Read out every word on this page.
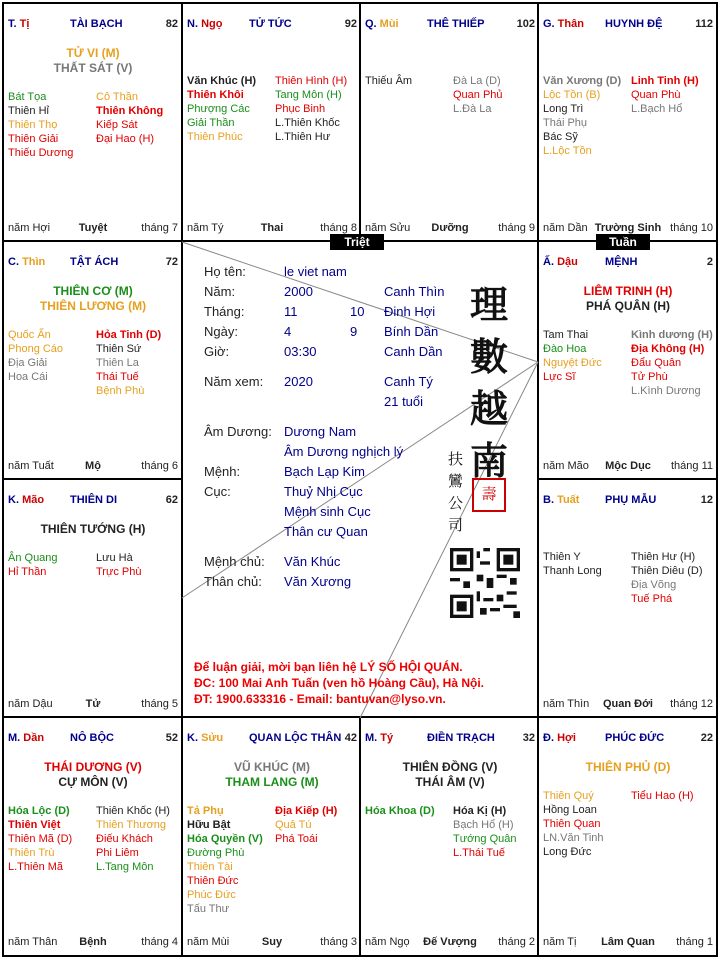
Triệt	Tuần
T. Tị	TÀI BẠCH	82
TỬ VI (M)
THẤT SÁT (V)
Bát Tọa
Thiên Hỉ
Thiên Thọ
Thiên Giải
Thiếu Dương
Cô Thần
Thiên Không
Kiếp Sát
Đại Hao (H)
Tuyệt
năm Hợi	tháng 7
N. Ngọ TỬ TỨC	92
Văn Khúc (H)
Thiên Khôi
Phượng Các
Giải Thần
Thiên Phúc
Thiên Hình (H)
Tang Môn (H)
Phục Binh
L.Thiên Khốc
L.Thiên Hư
Thai
năm Tý	tháng 8
Q. Mùi	THÊ THIẾP	102
Thiếu Âm	Đà La (D)
Quan Phủ
L.Đà La
Dưỡng
năm Sửu	tháng 9
G. Thân HUYNH ĐỆ	112
Văn Xương (D)
Lộc Tồn (B)
Long Trì
Thái Phụ
Bác Sỹ
L.Lộc Tồn
Linh Tinh (H)
Quan Phù
L.Bạch Hổ
Trường Sinh
năm Dần	tháng 10
C. Thìn TẬT ÁCH	72
THIÊN CƠ (M)
THIÊN LƯƠNG (M)
Quốc Ấn
Phong Cáo
Địa Giải
Hoa Cái
Hỏa Tinh (D)
Thiên Sứ
Thiên La
Thái Tuế
Bệnh Phù
Mộ
năm Tuất	tháng 6
Ấ. Dậu MỆNH	2
LIÊM TRINH (H)
PHÁ QUÂN (H)
Tam Thai
Đào Hoa
Nguyệt Đức
Lực Sĩ
Kình dương (H)
Địa Không (H)
Đẩu Quân
Tử Phù
L.Kình Dương
Mộc Dục
năm Mão	tháng 11
K. Mão THIÊN DI	62
THIÊN TƯỚNG (H)
Ân Quang
Hỉ Thần
Lưu Hà
Trực Phù
Tử
năm Dậu	tháng 5
B. Tuất PHỤ MẪU	12
Thiên Y
Thanh Long
Thiên Hư (H)
Thiên Diêu (D)
Địa Võng
Tuế Phá
Quan Đới
năm Thìn	tháng 12
M. Dần NÔ BỘC	52
THÁI DƯƠNG (V)
CỰ MÔN (V)
Hóa Lộc (D)
Thiên Việt
Thiên Mã (D)
Thiên Trù
L.Thiên Mã
Thiên Khốc (H)
Thiên Thương
Điếu Khách
Phi Liêm
L.Tang Môn
Bệnh
năm Thân	tháng 4
K. Sửu QUAN LỘC THÂN 42
VŨ KHÚC (M)
THAM LANG (M)
Tả Phụ
Hữu Bật
Hóa Quyền (V)
Đường Phù
Thiên Tài
Thiên Đức
Phúc Đức
Tấu Thư
Địa Kiếp (H)
Quả Tú
Phá Toái
Suy
năm Mùi	tháng 3
M. Tý	ĐIỀN TRẠCH	32
THIÊN ĐỒNG (V)
THÁI ÂM (V)
Hóa Khoa (D)	Hóa Kị (H)
Bạch Hổ (H)
Tướng Quân
L.Thái Tuế
Đế Vượng
năm Ngọ	tháng 2
Đ. Hợi	PHÚC ĐỨC	22
THIÊN PHỦ (D)
Thiên Quý
Hồng Loan
Thiên Quan
LN.Văn Tinh
Long Đức
Tiểu Hao (H)
Lâm Quan
năm Tị	tháng 1
Họ tên:	le viet nam
Năm:	2000	Canh Thìn
Tháng:	11	10 Đinh Hợi
Ngày:	4	9 Bính Dần
Giờ:	03:30	Canh Dần
Năm xem: 2020	Canh Tý
21 tuổi
Âm Dương: Dương Nam
Âm Dương nghịch lý
Mệnh:	Bạch Lạp Kim
Cục:	Thuỷ Nhị Cục
Mệnh sinh Cục
Thân cư Quan
Mệnh chủ: Văn Khúc
Thân chủ: Văn Xương
理
數
越
南
扶
鸞
公
司
壽
Để luận giải, mời bạn liên hệ LÝ SỐ HỘI QUÁN.
ĐC: 100 Mai Anh Tuấn (ven hồ Hoàng Cầu), Hà Nội.
ĐT: 1900.633316 - Email: bantuvan@lyso.vn.
